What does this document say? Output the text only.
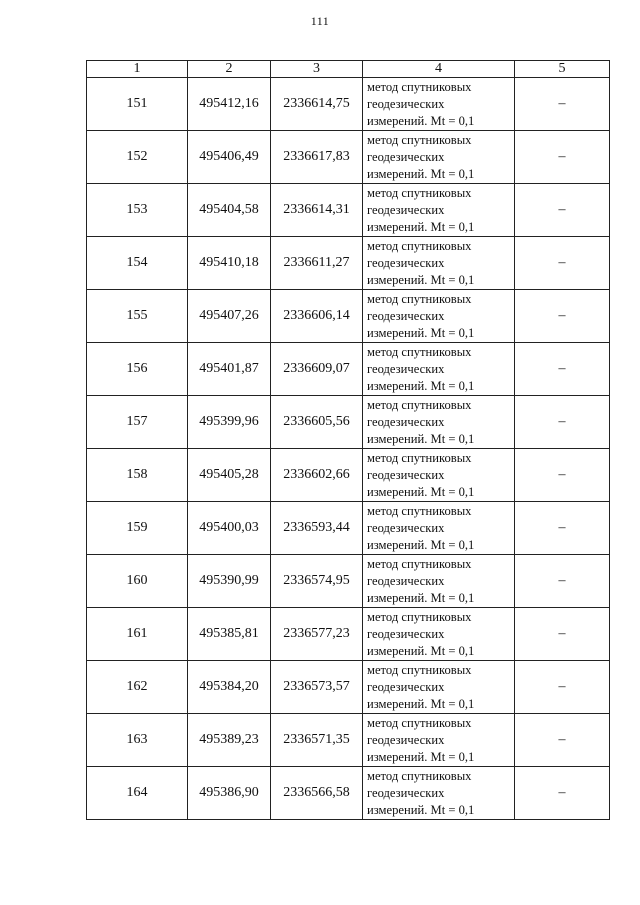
111
1	2	3	4	5
151	495412,16	2336614,75	метод спутниковых
геодезических
измерений. Mt = 0,1	–
152	495406,49	2336617,83	метод спутниковых
геодезических
измерений. Mt = 0,1	–
153	495404,58	2336614,31	метод спутниковых
геодезических
измерений. Mt = 0,1	–
154	495410,18	2336611,27	метод спутниковых
геодезических
измерений. Mt = 0,1	–
155	495407,26	2336606,14	метод спутниковых
геодезических
измерений. Mt = 0,1	–
156	495401,87	2336609,07	метод спутниковых
геодезических
измерений. Mt = 0,1	–
157	495399,96	2336605,56	метод спутниковых
геодезических
измерений. Mt = 0,1	–
158	495405,28	2336602,66	метод спутниковых
геодезических
измерений. Mt = 0,1	–
159	495400,03	2336593,44	метод спутниковых
геодезических
измерений. Mt = 0,1	–
160	495390,99	2336574,95	метод спутниковых
геодезических
измерений. Mt = 0,1	–
161	495385,81	2336577,23	метод спутниковых
геодезических
измерений. Mt = 0,1	–
162	495384,20	2336573,57	метод спутниковых
геодезических
измерений. Mt = 0,1	–
163	495389,23	2336571,35	метод спутниковых
геодезических
измерений. Mt = 0,1	–
164	495386,90	2336566,58	метод спутниковых
геодезических
измерений. Mt = 0,1	–
